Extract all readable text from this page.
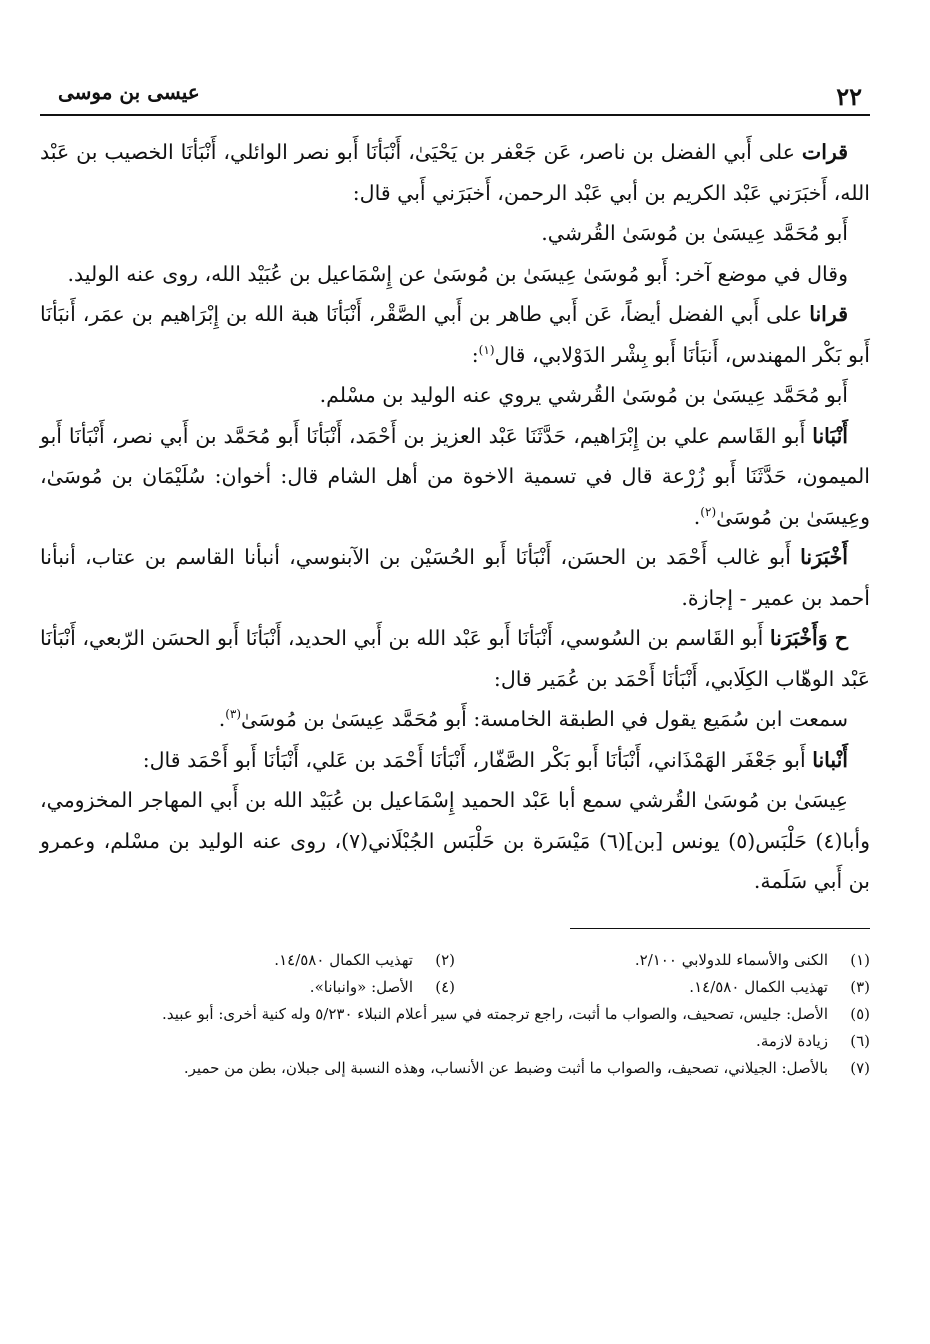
٢٢
عيسى بن موسى

قرات على أَبي الفضل بن ناصر، عَن جَعْفر بن يَحْيَىٰ، أَنْبَأنَا أَبو نصر الوائلي، أَنْبَأنَا الخصيب بن عَبْد الله، أَخبَرَني عَبْد الكريم بن أبي عَبْد الرحمن، أَخبَرَني أَبي قال:

أَبو مُحَمَّد عِيسَىٰ بن مُوسَىٰ القُرشي.

وقال في موضع آخر: أَبو مُوسَىٰ عِيسَىٰ بن مُوسَىٰ عن إِسْمَاعيل بن عُبَيْد الله، روى عنه الوليد.

قرانا على أَبي الفضل أيضاً، عَن أَبي طاهر بن أَبي الصَّقْر، أَنْبَأنَا هبة الله بن إِبْرَاهيم بن عمَر، أَنبَأنَا أَبو بَكْر المهندس، أَنبَأنَا أَبو بِشْر الدَوْلابي، قال$^{(١)}$:

أَبو مُحَمَّد عِيسَىٰ بن مُوسَىٰ القُرشي يروي عنه الوليد بن مسْلم.

أَنْبَانا أَبو القَاسم علي بن إِبْرَاهيم، حَدَّثَنَا عَبْد العزيز بن أَحْمَد، أَنْبَأنَا أَبو مُحَمَّد بن أَبي نصر، أَنْبَأنَا أَبو الميمون، حَدَّثَنَا أَبو زُرْعة قال في تسمية الاخوة من أهل الشام قال: أخوان: سُلَيْمَان بن مُوسَىٰ، وعِيسَىٰ بن مُوسَىٰ$^{(٢)}$.

أَخْبَرَنا أَبو غالب أَحْمَد بن الحسَن، أَنْبَأنَا أَبو الحُسَيْن بن الآبنوسي، أنبأنا القاسم بن عتاب، أنبأنا أحمد بن عمير - إجازة.

ح وَأَخْبَرَنا أَبو القَاسم بن السُوسي، أَنْبَأنَا أَبو عَبْد الله بن أَبي الحديد، أَنْبَأنَا أَبو الحسَن الرّبعي، أَنْبَأنَا عَبْد الوهّاب الكِلَابي، أَنْبَأنَا أَحْمَد بن عُمَير قال:

سمعت ابن سُمَيع يقول في الطبقة الخامسة: أَبو مُحَمَّد عِيسَىٰ بن مُوسَىٰ$^{(٣)}$.

أَنْبانا أَبو جَعْفَر الهَمْذَاني، أَنْبَأنَا أَبو بَكْر الصَّفّار، أَنْبَأنَا أَحْمَد بن عَلي، أَنْبَأنَا أَبو أَحْمَد قال:

عِيسَىٰ بن مُوسَىٰ القُرشي سمع أبا عَبْد الحميد إِسْمَاعيل بن عُبَيْد الله بن أَبي المهاجر المخزومي، وأبا(٤) حَلْبَس(٥) يونس [بن](٦) مَيْسَرة بن حَلْبَس الجُبْلَاني(٧)، روى عنه الوليد بن مسْلم، وعمرو بن أَبي سَلَمة.

(١)
الكنى والأسماء للدولابي ٢/١٠٠.
(٢)
تهذيب الكمال ١٤/٥٨٠.
(٣)
تهذيب الكمال ١٤/٥٨٠.
(٤)
الأصل: «وانبانا».
(٥)
الأصل: جليس، تصحيف، والصواب ما أثبت، راجع ترجمته في سير أعلام النبلاء ٥/٢٣٠ وله كنية أخرى: أبو عبيد.
(٦)
زيادة لازمة.
(٧)
بالأصل: الجيلاني، تصحيف، والصواب ما أثبت وضبط عن الأنساب، وهذه النسبة إلى جبلان، بطن من حمير.
